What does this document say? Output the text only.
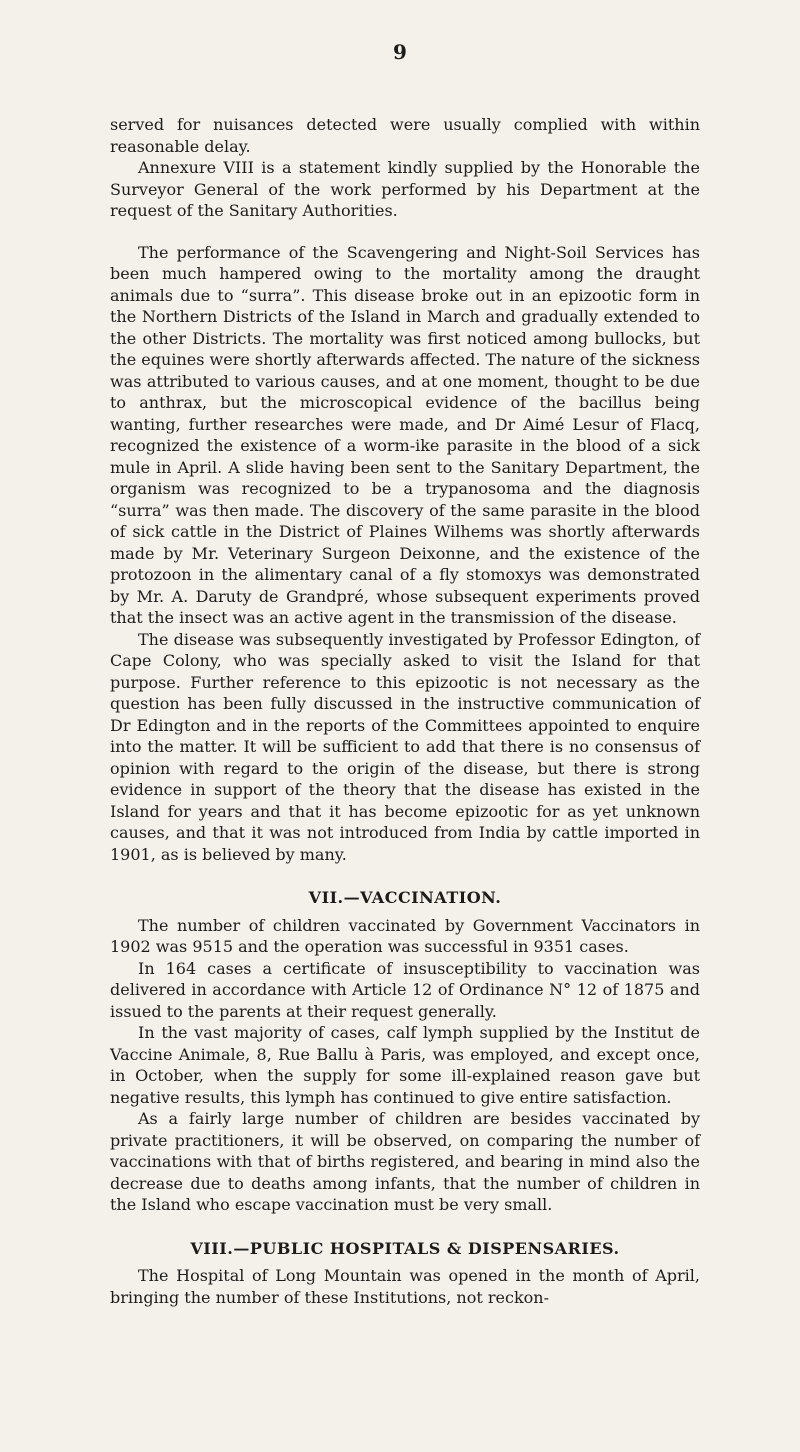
9

served for nuisances detected were usually complied with within reasonable delay.

Annexure VIII is a statement kindly supplied by the Honorable the Surveyor General of the work performed by his Department at the request of the Sanitary Authorities.

The performance of the Scavengering and Night-Soil Services has been much hampered owing to the mortality among the draught animals due to “surra”. This disease broke out in an epizootic form in the Northern Districts of the Island in March and gradually extended to the other Districts. The mortality was first noticed among bullocks, but the equines were shortly afterwards affected. The nature of the sickness was attributed to various causes, and at one moment, thought to be due to anthrax, but the microscopical evidence of the bacillus being wanting, further researches were made, and Dr Aimé Lesur of Flacq, recognized the existence of a worm-ike parasite in the blood of a sick mule in April. A slide having been sent to the Sanitary Department, the organism was recognized to be a trypanosoma and the diagnosis “surra” was then made. The discovery of the same parasite in the blood of sick cattle in the District of Plaines Wilhems was shortly afterwards made by Mr. Veterinary Surgeon Deixonne, and the existence of the protozoon in the alimentary canal of a fly stomoxys was demonstrated by Mr. A. Daruty de Grandpré, whose subsequent experiments proved that the insect was an active agent in the transmission of the disease.

The disease was subsequently investigated by Professor Edington, of Cape Colony, who was specially asked to visit the Island for that purpose. Further reference to this epizootic is not necessary as the question has been fully discussed in the instructive communication of Dr Edington and in the reports of the Committees appointed to enquire into the matter. It will be sufficient to add that there is no consensus of opinion with regard to the origin of the disease, but there is strong evidence in support of the theory that the disease has existed in the Island for years and that it has become epizootic for as yet unknown causes, and that it was not introduced from India by cattle imported in 1901, as is believed by many.

VII.—VACCINATION.

The number of children vaccinated by Government Vaccinators in 1902 was 9515 and the operation was successful in 9351 cases.

In 164 cases a certificate of insusceptibility to vaccination was delivered in accordance with Article 12 of Ordinance N° 12 of 1875 and issued to the parents at their request generally.

In the vast majority of cases, calf lymph supplied by the Institut de Vaccine Animale, 8, Rue Ballu à Paris, was employed, and except once, in October, when the supply for some ill-explained reason gave but negative results, this lymph has continued to give entire satisfaction.

As a fairly large number of children are besides vaccinated by private practitioners, it will be observed, on comparing the number of vaccinations with that of births registered, and bearing in mind also the decrease due to deaths among infants, that the number of children in the Island who escape vaccination must be very small.

VIII.—PUBLIC HOSPITALS & DISPENSARIES.

The Hospital of Long Mountain was opened in the month of April, bringing the number of these Institutions, not reckon-
